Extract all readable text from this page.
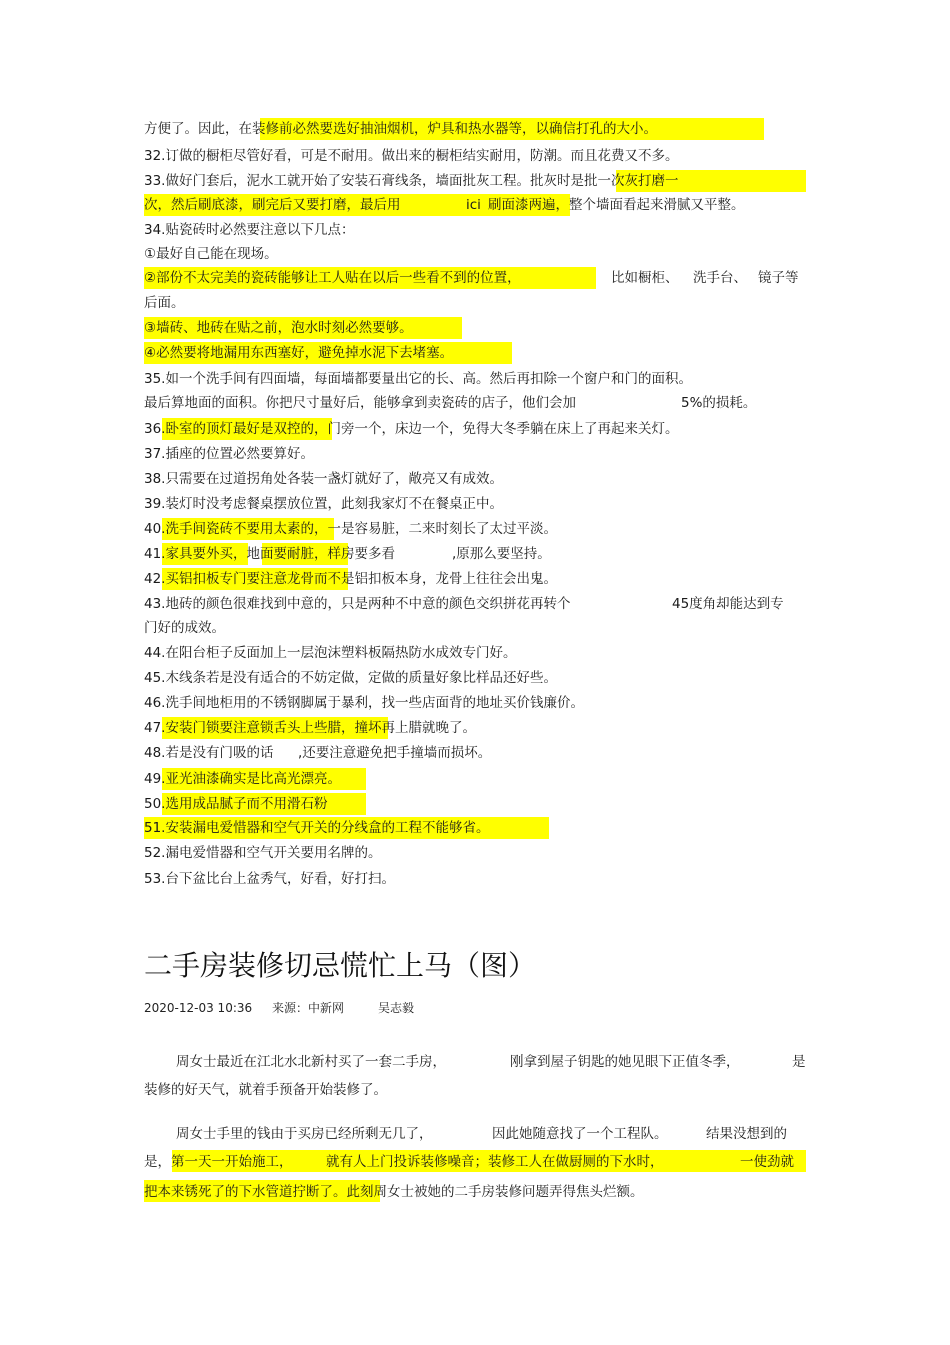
方便了。因此，在装修前必然要选好抽油烟机，炉具和热水器等，以确信打孔的大小。
32.订做的橱柜尽管好看，可是不耐用。做出来的橱柜结实耐用，防潮。而且花费又不多。
33.做好门套后，泥水工就开始了安装石膏线条，墙面批灰工程。批灰时是批一次灰打磨一
次，然后刷底漆，刷完后又要打磨，最后用	ici 刷面漆两遍，整个墙面看起来滑腻又平整。
34.贴瓷砖时必然要注意以下几点：
①最好自己能在现场。
②部份不太完美的瓷砖能够让工人贴在以后一些看不到的位置，	比如橱柜、 洗手台、 镜子等
后面。
③墙砖、地砖在贴之前，泡水时刻必然要够。
④必然要将地漏用东西塞好，避免掉水泥下去堵塞。
35.如一个洗手间有四面墙，每面墙都要量出它的长、高。然后再扣除一个窗户和门的面积。
最后算地面的面积。你把尺寸量好后，能够拿到卖瓷砖的店子，他们会加	5%的损耗。
36.卧室的顶灯最好是双控的，门旁一个，床边一个，免得大冬季躺在床上了再起来关灯。
37.插座的位置必然要算好。
38.只需要在过道拐角处各装一盏灯就好了，敞亮又有成效。
39.装灯时没考虑餐桌摆放位置，此刻我家灯不在餐桌正中。
40.洗手间瓷砖不要用太素的，一是容易脏，二来时刻长了太过平淡。
41.家具要外买，地面要耐脏，样房要多看	,原那么要坚持。
42.买铝扣板专门要注意龙骨而不是铝扣板本身，龙骨上往往会出鬼。
43.地砖的颜色很难找到中意的，只是两种不中意的颜色交织拼花再转个	45度角却能达到专
门好的成效。
44.在阳台柜子反面加上一层泡沫塑料板隔热防水成效专门好。
45.木线条若是没有适合的不妨定做，定做的质量好象比样品还好些。
46.洗手间地柜用的不锈钢脚属于暴利，找一些店面背的地址买价钱廉价。
47.安装门锁要注意锁舌头上些腊，撞坏再上腊就晚了。
48.若是没有门吸的话 ,还要注意避免把手撞墙而损坏。
49.亚光油漆确实是比高光漂亮。
50.选用成品腻子而不用滑石粉
51.安装漏电爱惜器和空气开关的分线盒的工程不能够省。
52.漏电爱惜器和空气开关要用名牌的。
53.台下盆比台上盆秀气，好看，好打扫。
二手房装修切忌慌忙上马（图）
2020-12-03 10:36 来源：中新网	吴志毅
周女士最近在江北水北新村买了一套二手房，	刚拿到屋子钥匙的她见眼下正值冬季，	是
装修的好天气，就着手预备开始装修了。
周女士手里的钱由于买房已经所剩无几了，	因此她随意找了一个工程队。	结果没想到的
是，第一天一开始施工， 就有人上门投诉装修噪音；装修工人在做厨厕的下水时，	一使劲就
把本来锈死了的下水管道拧断了。此刻周女士被她的二手房装修问题弄得焦头烂额。
